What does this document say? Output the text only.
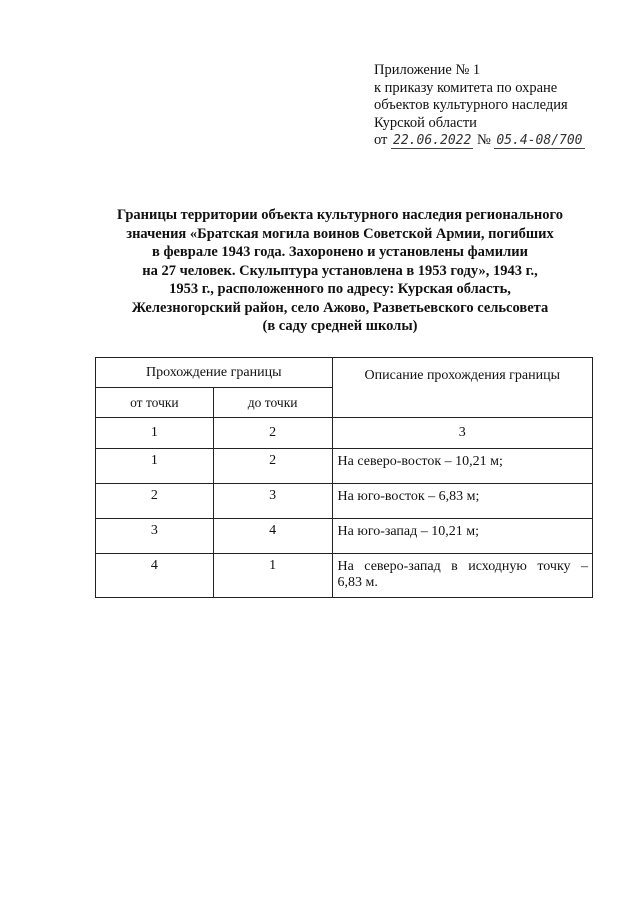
Приложение № 1
к приказу комитета по охране
объектов культурного наследия
Курской области
от 22.06.2022 № 05.4-08/700
Границы территории объекта культурного наследия регионального
значения «Братская могила воинов Советской Армии, погибших
в феврале 1943 года. Захоронено и установлены фамилии
на 27 человек. Скульптура установлена в 1953 году», 1943 г.,
1953 г., расположенного по адресу: Курская область,
Железногорский район, село Ажово, Разветьевского сельсовета
(в саду средней школы)
Прохождение границы		Описание прохождения границы
от точки	до точки	
1	2	3
1	2	На северо-восток – 10,21 м;
2	3	На юго-восток – 6,83 м;
3	4	На юго-запад – 10,21 м;
4	1	На северо-запад в исходную точку –
6,83 м.
